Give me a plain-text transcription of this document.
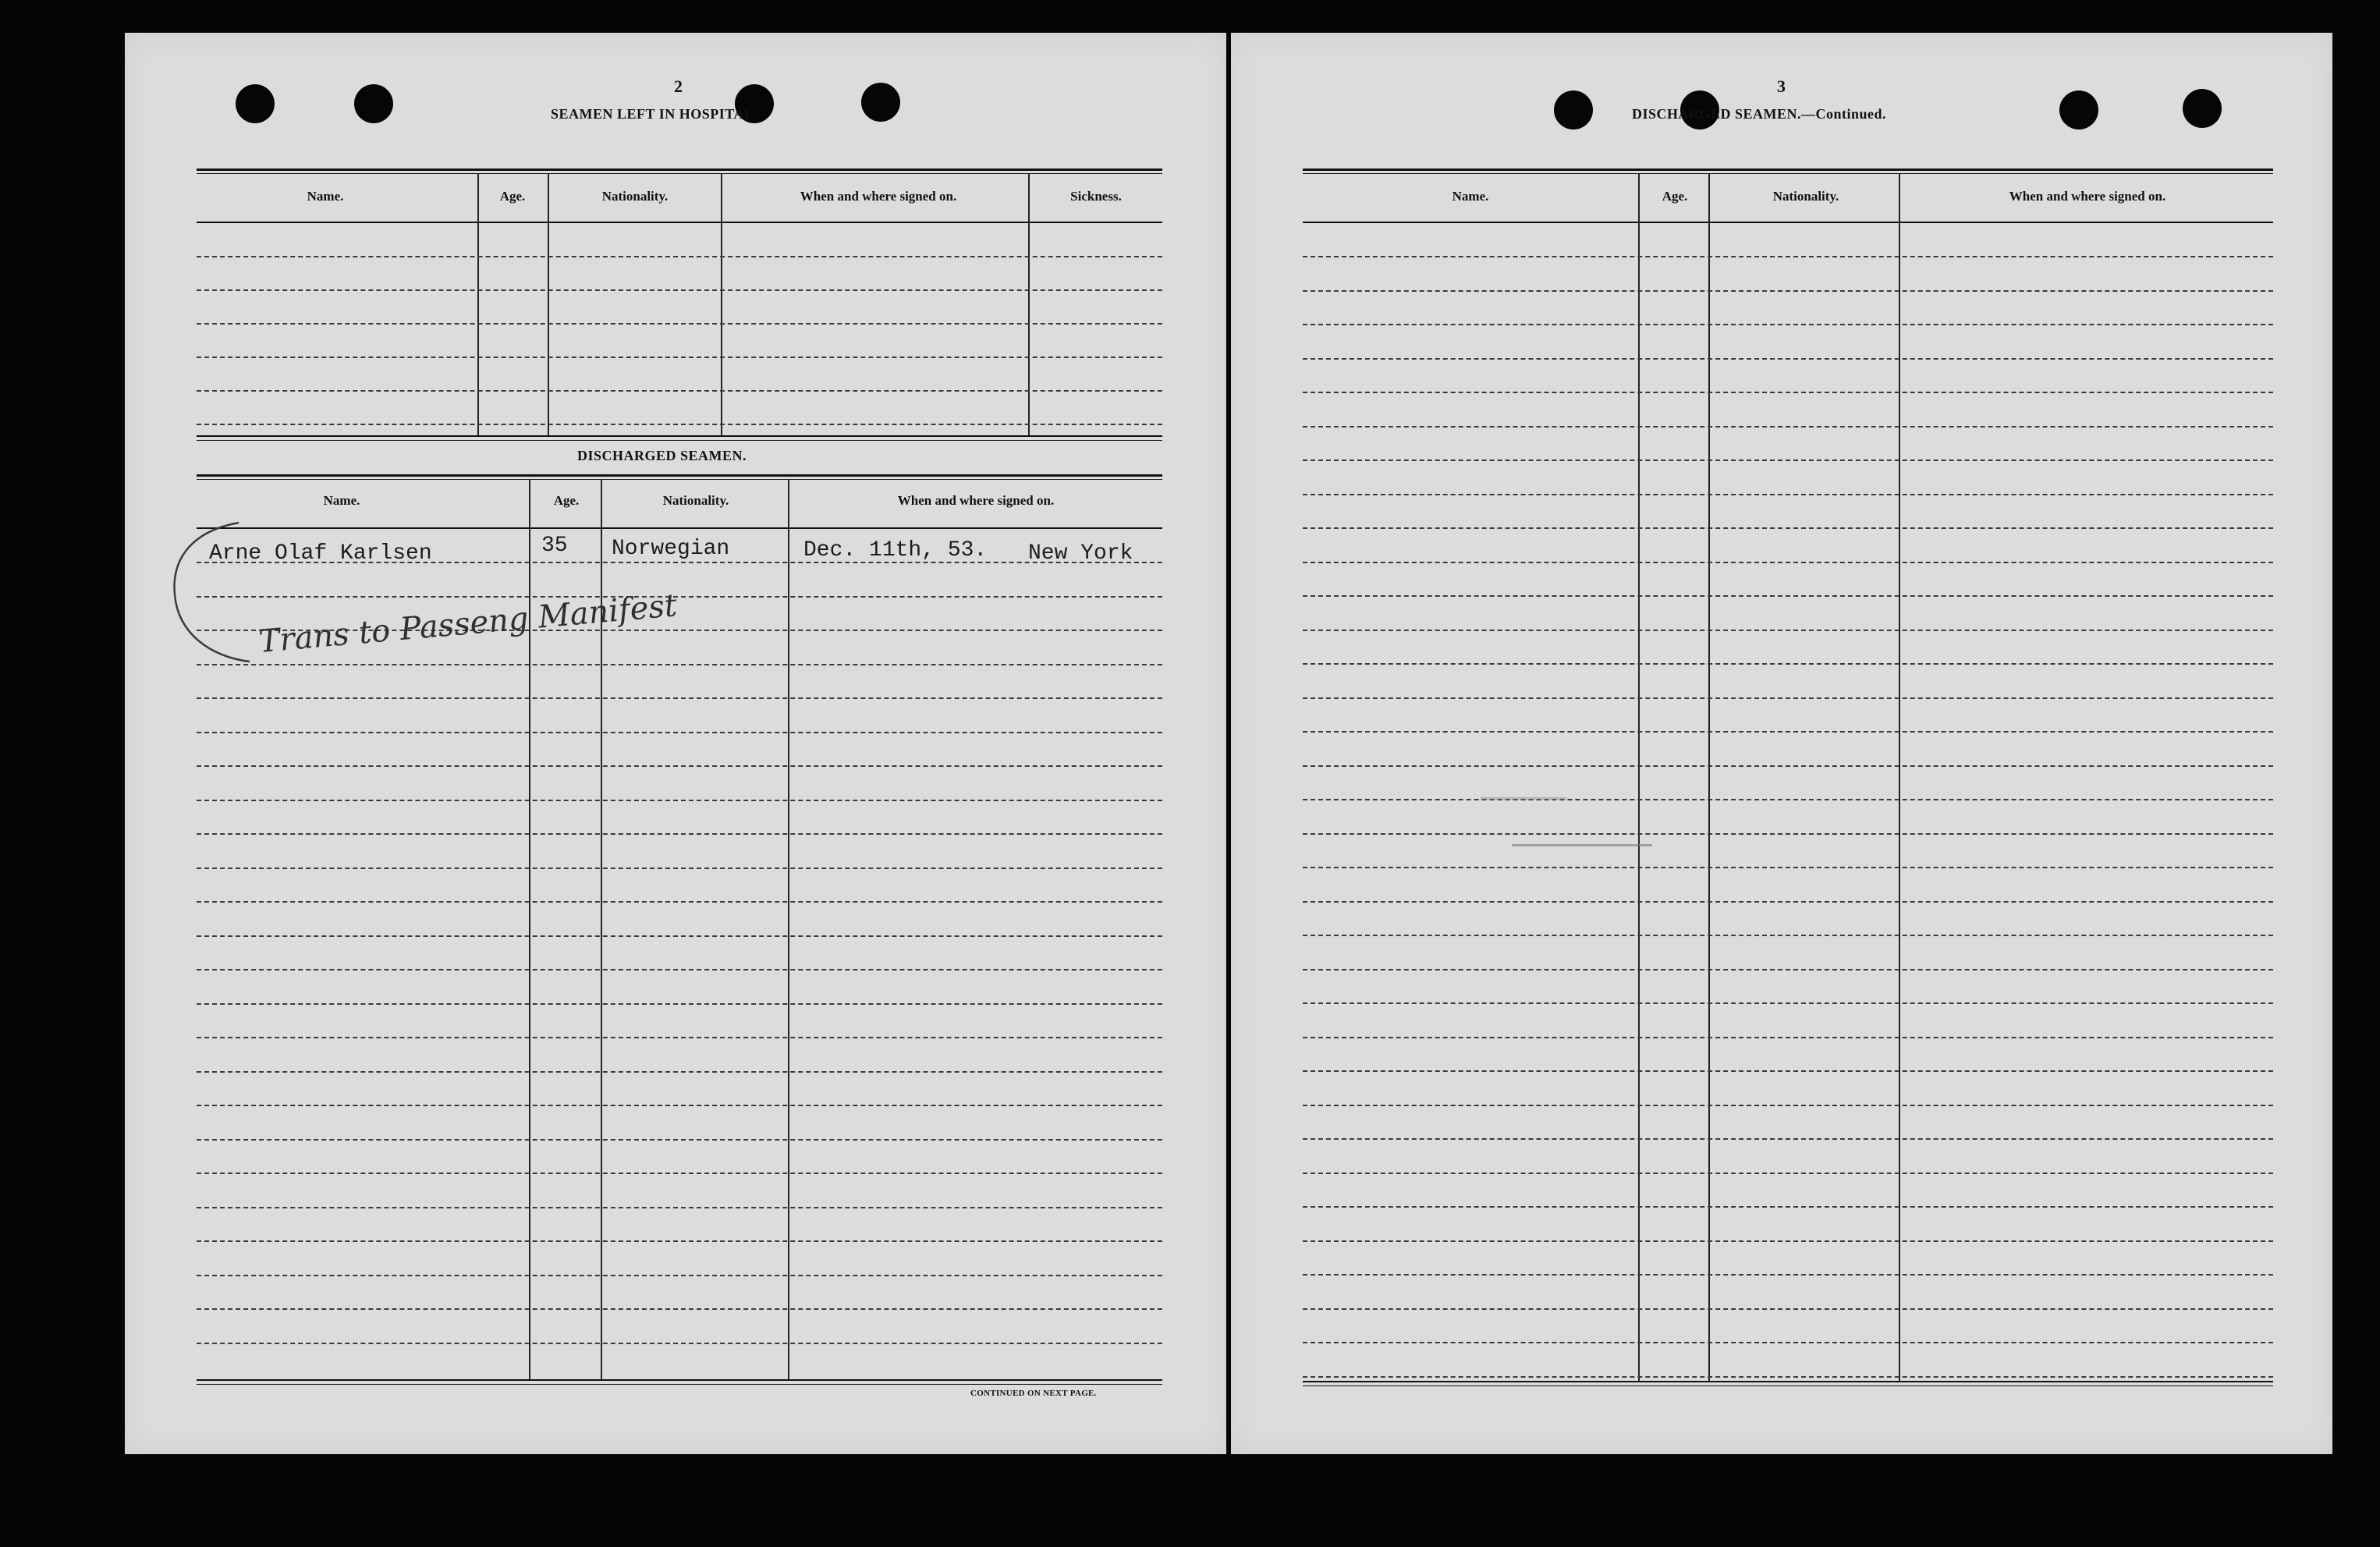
2
SEAMEN LEFT IN HOSPITAL.
Name.	Age.	Nationality.	When and where signed on.	Sickness.
DISCHARGED SEAMEN.
Name.	Age.	Nationality.	When and where signed on.
Arne Olaf Karlsen	35 Norwegian	Dec. 11th, 53. New York
Trans to Passeng Manifest
CONTINUED ON NEXT PAGE.
3
DISCHARGED SEAMEN.—Continued.
Name.	Age.	Nationality.	When and where signed on.
